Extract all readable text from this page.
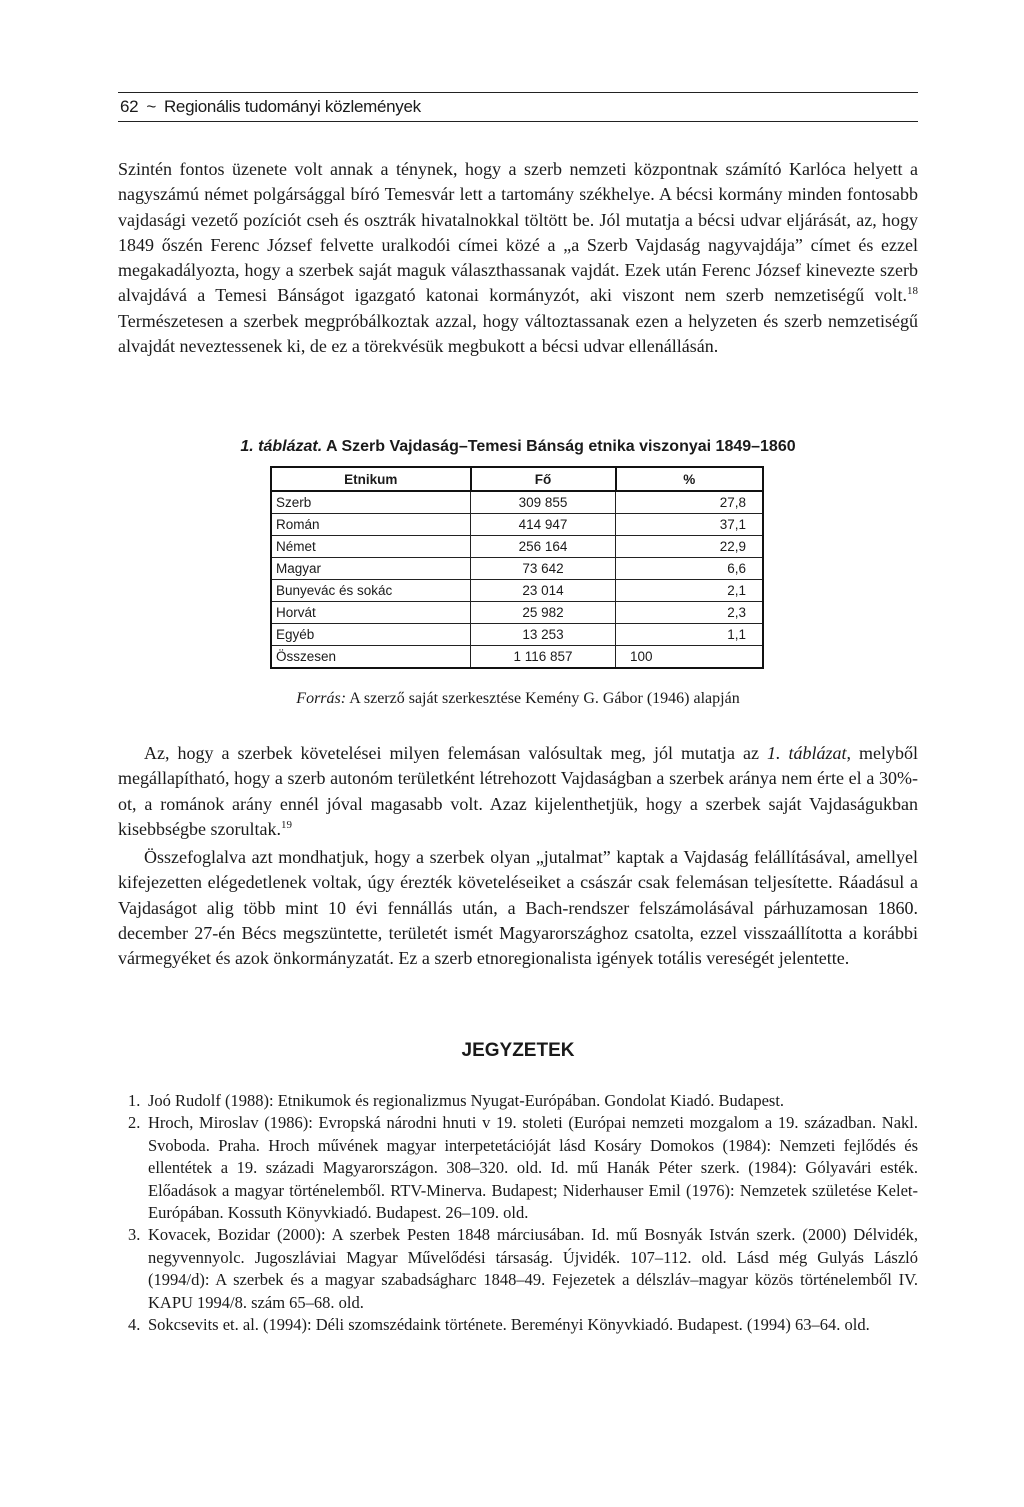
62 ~ Regionális tudományi közlemények

Szintén fontos üzenete volt annak a ténynek, hogy a szerb nemzeti központnak számító Karlóca helyett a nagyszámú német polgársággal bíró Temesvár lett a tartomány székhelye. A bécsi kormány minden fontosabb vajdasági vezető pozíciót cseh és osztrák hivatalnokkal töltött be. Jól mutatja a bécsi udvar eljárását, az, hogy 1849 őszén Ferenc József felvette uralkodói címei közé a „a Szerb Vajdaság nagyvajdája” címet és ezzel megakadályozta, hogy a szerbek saját maguk választhassanak vajdát. Ezek után Ferenc József kinevezte szerb alvajdává a Temesi Bánságot igazgató katonai kormányzót, aki viszont nem szerb nemzetiségű volt.$^{18}$ Természetesen a szerbek megpróbálkoztak azzal, hogy változtassanak ezen a helyzeten és szerb nemzetiségű alvajdát neveztessenek ki, de ez a törekvésük megbukott a bécsi udvar ellenállásán.

1. táblázat. A Szerb Vajdaság–Temesi Bánság etnika viszonyai 1849–1860
Etnikum	Fő	%
Szerb	309 855	27,8
Román	414 947	37,1
Német	256 164	22,9
Magyar	73 642	6,6
Bunyevác és sokác	23 014	2,1
Horvát	25 982	2,3
Egyéb	13 253	1,1
Összesen	1 116 857	100
Forrás: A szerző saját szerkesztése Kemény G. Gábor (1946) alapján

Az, hogy a szerbek követelései milyen felemásan valósultak meg, jól mutatja az 1. táblázat, melyből megállapítható, hogy a szerb autonóm területként létrehozott Vajdaságban a szerbek aránya nem érte el a 30%-ot, a románok arány ennél jóval magasabb volt. Azaz kijelenthetjük, hogy a szerbek saját Vajdaságukban kisebbségbe szorultak.$^{19}$

Összefoglalva azt mondhatjuk, hogy a szerbek olyan „jutalmat” kaptak a Vajdaság felállításával, amellyel kifejezetten elégedetlenek voltak, úgy érezték követeléseiket a császár csak felemásan teljesítette. Ráadásul a Vajdaságot alig több mint 10 évi fennállás után, a Bach-rendszer felszámolásával párhuzamosan 1860. december 27-én Bécs megszüntette, területét ismét Magyarországhoz csatolta, ezzel visszaállította a korábbi vármegyéket és azok önkormányzatát. Ez a szerb etnoregionalista igények totális vereségét jelentette.

JEGYZETEK
1. Joó Rudolf (1988): Etnikumok és regionalizmus Nyugat-Európában. Gondolat Kiadó. Budapest.
2. Hroch, Miroslav (1986): Evropská národni hnuti v 19. stoleti (Európai nemzeti mozgalom a 19. században. Nakl. Svoboda. Praha. Hroch művének magyar interpetetációját lásd Kosáry Domokos (1984): Nemzeti fejlődés és ellentétek a 19. századi Magyarországon. 308–320. old. Id. mű Hanák Péter szerk. (1984): Gólyavári esték. Előadások a magyar történelemből. RTV-Minerva. Budapest; Niderhauser Emil (1976): Nemzetek születése Kelet-Európában. Kossuth Könyvkiadó. Budapest. 26–109. old.
3. Kovacek, Bozidar (2000): A szerbek Pesten 1848 márciusában. Id. mű Bosnyák István szerk. (2000) Délvidék, negyvennyolc. Jugoszláviai Magyar Művelődési társaság. Újvidék. 107–112. old. Lásd még Gulyás László (1994/d): A szerbek és a magyar szabadságharc 1848–49. Fejezetek a délszláv–magyar közös történelemből IV. KAPU 1994/8. szám 65–68. old.
4. Sokcsevits et. al. (1994): Déli szomszédaink története. Bereményi Könyvkiadó. Budapest. (1994) 63–64. old.
